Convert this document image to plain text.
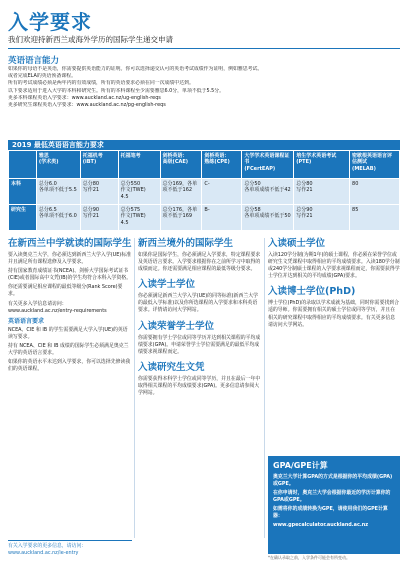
入学要求
我们欢迎持新西兰或海外学历的国际学生递交申请
英语语言能力

如果你的母语不是英语，你需要提供英语能力的证明。你可以选择递交认可的英语考试成绩作为证明，例如雅思考试、

或者完成ELA的英语预备课程。

所有的考试成绩必须是两年内的有效成绩，所有的英语要求必须在同一次成绩中达到。

以下要求适用于进入大学的本科和研究生。所有的本科课程至少需要雅思6.0分，单项不低于5.5分。

更多本科课程英语入学要求：www.auckland.ac.nz/ug-english-reqs

更多研究生课程英语入学要求：www.auckland.ac.nz/pg-english-reqs

2019 最低英语语言能力要求
	雅思
(学术类)	托福机考
(iBT)	托福笔考	剑桥英语：
高级(CAE)	剑桥英语：
熟练(CPE)	大学学术英语课程证书
(FCertEAP)	培生学术英语考试
(PTE)	密歇根英语语言评估测试
(MELAB)
本科	总分6.0
各单项不低于5.5	总分80
写作21	总分550
作文(TWE)
4.5	总分169，各单项不低于162	C-	总分50
各单项成绩不低于42	总分80
写作21	80
研究生	总分6.5
各单项不低于6.0	总分90
写作21	总分575
作文(TWE)
4.5	总分176，各单项不低于169	B-	总分58
各单项成绩不低于50	总分90
写作21	85
在新西兰中学就读的国际学生

要入读奥克兰大学，你必须达到新西兰大学入学(UE)标准并且满足所有课程选修及入学要求。

持有国家教育成绩证书(NCEA)、剑桥大学国际考试证书(CIE)或者国际高中文凭(IB)的学生均符合本科入学资格。

你还需要满足相应课程的最低等级分(Rank Score)要求。

有关更多入学信息请访问：www.auckland.ac.nz/entry-requirements

英语语言要求

NCEA、CIE 和 IB 的学生需要满足大学入学(UE)的英语读写要求。

持有 NCEA、CIE 和 IB 成绩的国际学生必须满足奥克兰大学的英语语言要求。

如果你的英语水平未达到入学要求，你可以选择先修读我们的英语课程。

有关入学要求的更多信息，请访问：www.auckland.ac.nz/ie-entry
新西兰境外的国际学生

如果你是国际学生，你必须满足入学要求，特定课程要求及英语语言要求。入学要求根据你在之前所学习中取得的成绩而定。你还需要满足相应课程的最低等级分要求。

入读学士学位

你必须满足新西兰大学入学(UE)的同等标准(新西兰大学的最低入学标准)以及你所选课程的入学要求和本科英语要求。详情请访问大学网站。

入读荣誉学士学位

你需要拥有学士学位或同等学历并达到相关课程的平均成绩要求(GPA)。申请荣誉学士学位需要满足的最低平均成绩要求视课程而定。

入读研究生文凭

你需要获得本科学士学位或同等学历，并且在最后一年中取得相关课程的平均成绩要求(GPA)。更多信息请参阅大学网站。

入读硕士学位

入读120学分制(为期1年)的硕士课程，你必须在荣誉学位或研究生文凭课程中取得相应的平均成绩要求。入读180学分制或240学分制硕士课程的入学要求视课程而定，你需要获得学士学位并达到相关的平均成绩(GPA)要求。

入读博士学位(PhD)

博士学位(PhD)的录取以学术成就为基础，同时你需要找到合适的导师。你需要拥有相关的硕士学位或同等学历，并且在相关的研究课程中取得相应的平均成绩要求。有关更多信息请访问大学网站。

GPA/GPE计算

奥克兰大学计算GPA的方式是根据你的平均成绩(GPA)或GPE。

在你申请时，奥克兰大学会根据你最近的学历计算你的GPA或GPE。

如需将你的成绩转换为GPE，请使用我们的GPE计算器：

www.gpecalculator.auckland.ac.nz

*在确认录取之前，入学条件可能会有所变动。
